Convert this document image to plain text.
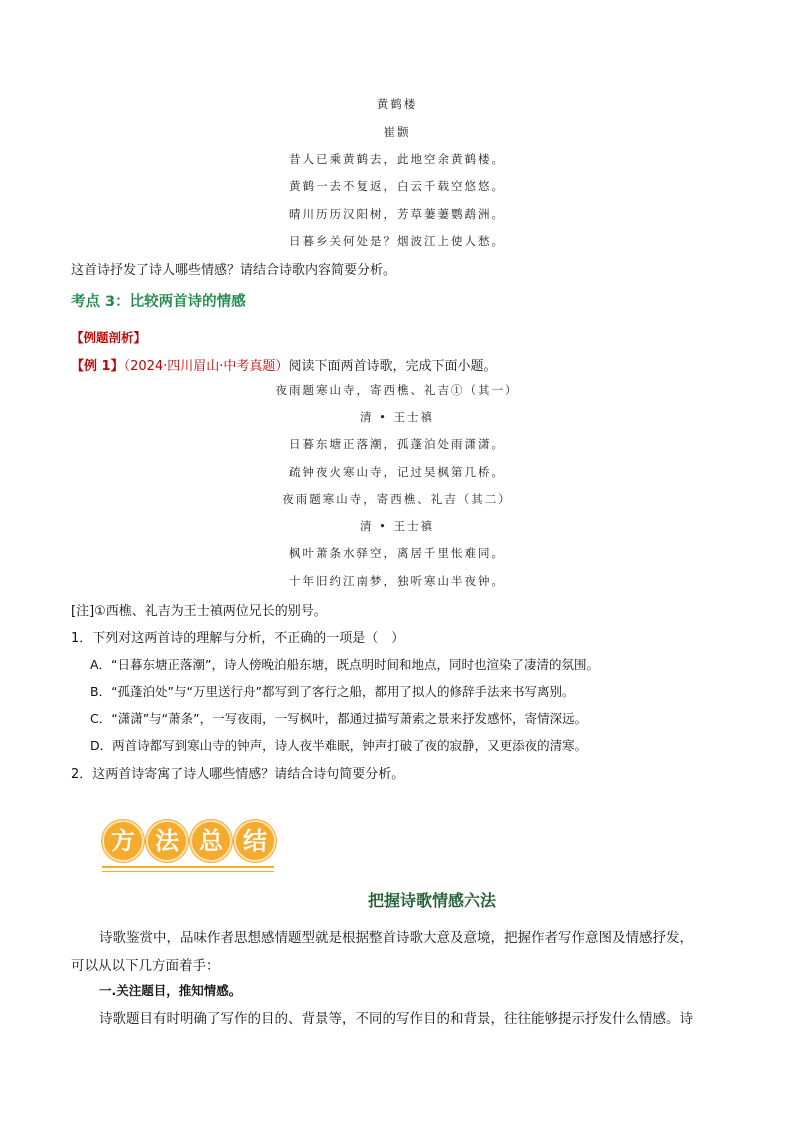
黄鹤楼
崔颢
昔人已乘黄鹤去，此地空余黄鹤楼。
黄鹤一去不复返，白云千载空悠悠。
晴川历历汉阳树，芳草萋萋鹦鹉洲。
日暮乡关何处是？烟波江上使人愁。
这首诗抒发了诗人哪些情感？请结合诗歌内容简要分析。
考点 3：比较两首诗的情感
【例题剖析】
【例 1】（2024·四川眉山·中考真题）阅读下面两首诗歌，完成下面小题。
夜雨题寒山寺，寄西樵、礼吉①（其一）
清 • 王士禛
日暮东塘正落潮，孤蓬泊处雨潇潇。
疏钟夜火寒山寺，记过吴枫第几桥。
夜雨题寒山寺，寄西樵、礼吉（其二）
清 • 王士禛
枫叶萧条水驿空，离居千里怅难同。
十年旧约江南梦，独听寒山半夜钟。
[注]①西樵、礼吉为王士禛两位兄长的别号。
1．下列对这两首诗的理解与分析，不正确的一项是（　）
A．“日暮东塘正落潮”，诗人傍晚泊船东塘，既点明时间和地点，同时也渲染了凄清的氛围。
B．“孤蓬泊处”与“万里送行舟”都写到了客行之船，都用了拟人的修辞手法来书写离别。
C．“潇潇”与“萧条”，一写夜雨，一写枫叶，都通过描写萧索之景来抒发感怀，寄情深远。
D．两首诗都写到寒山寺的钟声，诗人夜半难眠，钟声打破了夜的寂静，又更添夜的清寒。
2．这两首诗寄寓了诗人哪些情感？请结合诗句简要分析。
方 法 总 结
把握诗歌情感六法
诗歌鉴赏中，品味作者思想感情题型就是根据整首诗歌大意及意境，把握作者写作意图及情感抒发，
可以从以下几方面着手：
一.关注题目，推知情感。
诗歌题目有时明确了写作的目的、背景等，不同的写作目的和背景，往往能够提示抒发什么情感。诗
